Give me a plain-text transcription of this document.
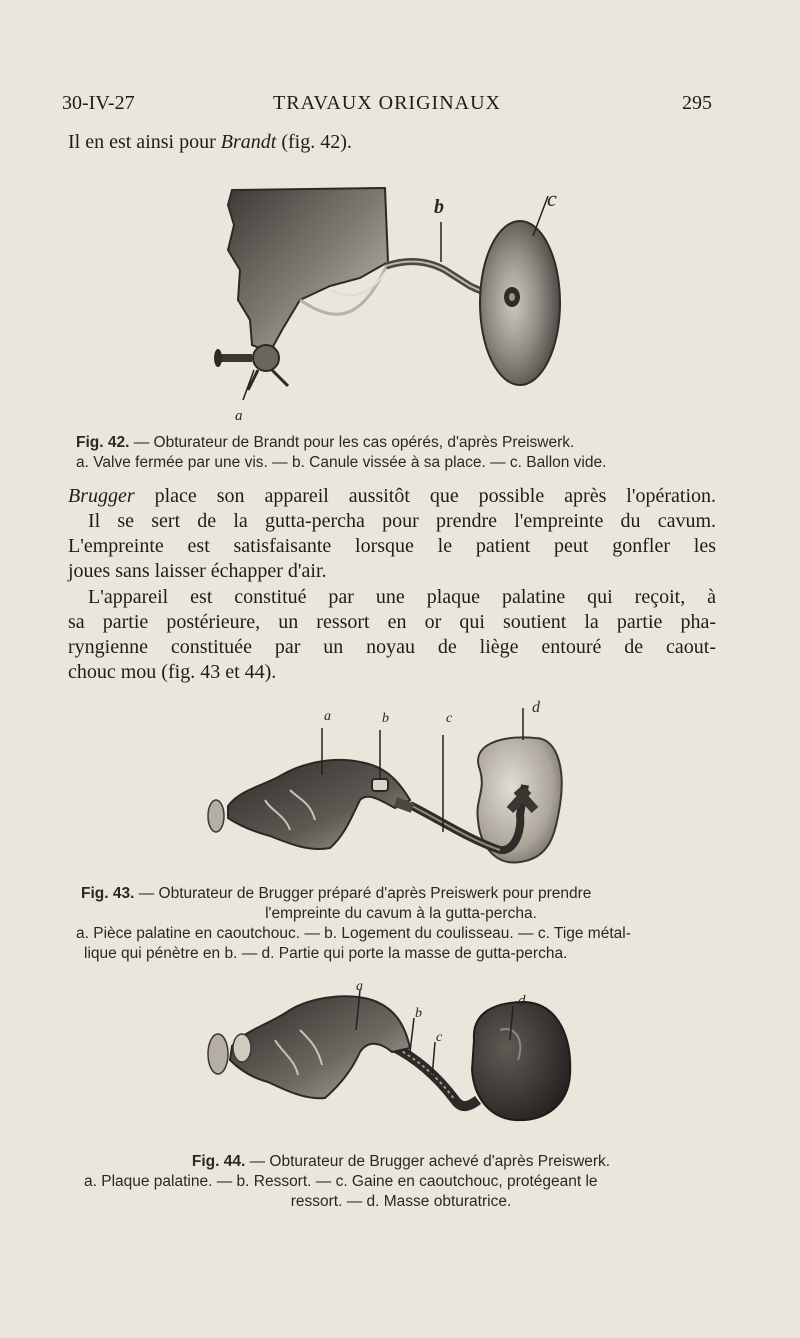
30-IV-27	TRAVAUX ORIGINAUX	295
Il en est ainsi pour Brandt (fig. 42).
b	c
a
Fig. 42. — Obturateur de Brandt pour les cas opérés, d'après Preiswerk.
a. Valve fermée par une vis. — b. Canule vissée à sa place. — c. Ballon vide.
Brugger place son appareil aussitôt que possible après l'opération.
Il se sert de la gutta-percha pour prendre l'empreinte du cavum.
L'empreinte est satisfaisante lorsque le patient peut gonfler les
joues sans laisser échapper d'air.
L'appareil est constitué par une plaque palatine qui reçoit, à
sa partie postérieure, un ressort en or qui soutient la partie pha-
ryngienne constituée par un noyau de liège entouré de caout-
chouc mou (fig. 43 et 44).
a	b	c
d
Fig. 43. — Obturateur de Brugger préparé d'après Preiswerk pour prendre
l'empreinte du cavum à la gutta-percha.
a. Pièce palatine en caoutchouc. — b. Logement du coulisseau. — c. Tige métal-
lique qui pénètre en b. — d. Partie qui porte la masse de gutta-percha.
a
b
c
d
Fig. 44. — Obturateur de Brugger achevé d'après Preiswerk.
a. Plaque palatine. — b. Ressort. — c. Gaine en caoutchouc, protégeant le
ressort. — d. Masse obturatrice.
